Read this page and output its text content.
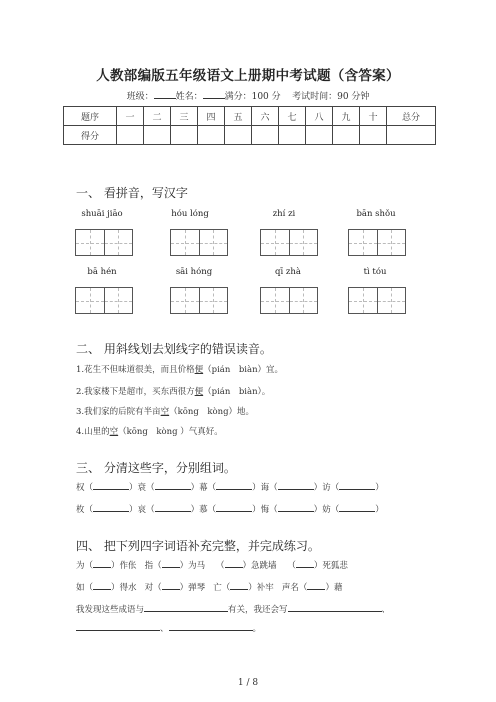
人教部编版五年级语文上册期中考试题（含答案）
班级： 姓名： 满分：100 分 考试时间：90 分钟
题序	一	二	三	四	五	六	七	八	九	十	总分
得分											
一、 看拼音，写汉字
shuāi jiāo	hóu lóng	zhí zi	bān shǒu
bā hén	sāi hóng	qī zhà	tì tóu
二、 用斜线划去划线字的错误读音。
1.花生不但味道很美，而且价格便（pián　biàn）宜。
2.我家楼下是超市，买东西很方便（pián　biàn）。
3.我们家的后院有半亩空（kōng　kòng）地。
4.山里的空（kōng　kòng ）气真好。
三、 分清这些字，分别组词。
权（	）衰（	）幕（	）诲（	）访（	）
枚（	）哀（	）慕（	）悔（	）妨（	）
四、 把下列四字词语补充完整，并完成练习。
为（ ）作伥 指（ ）为马 （ ）急跳墙 （ ）死狐悲
如（ ）得水 对（ ）弹琴 亡（ ）补牢 声名（ ）藉
我发现这些成语与	有关，我还会写	、
、	。
1 / 8
